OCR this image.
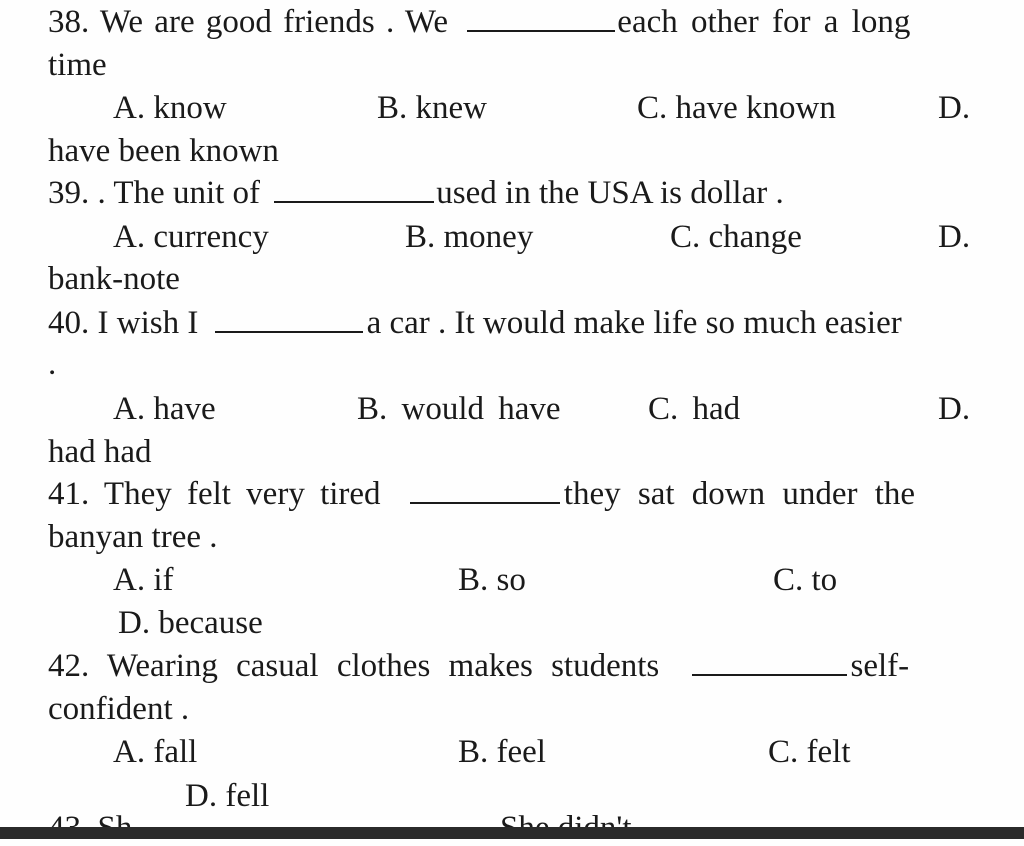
38. We are good friends . We	each other for a long
time
A. know	B. knew	C. have known	D.
have been known
39. . The unit of	used in the USA is dollar .
A. currency	B. money	C. change	D.
bank-note
40. I wish I	a car . It would make life so much easier
.
A. have	B. would have	C. had	D.
had had
41. They felt very tired	they sat down under the
banyan tree .
A. if	B. so	C. to
D. because
42. Wearing casual clothes makes students	self-
confident .
A. fall	B. feel	C. felt
D. fell
